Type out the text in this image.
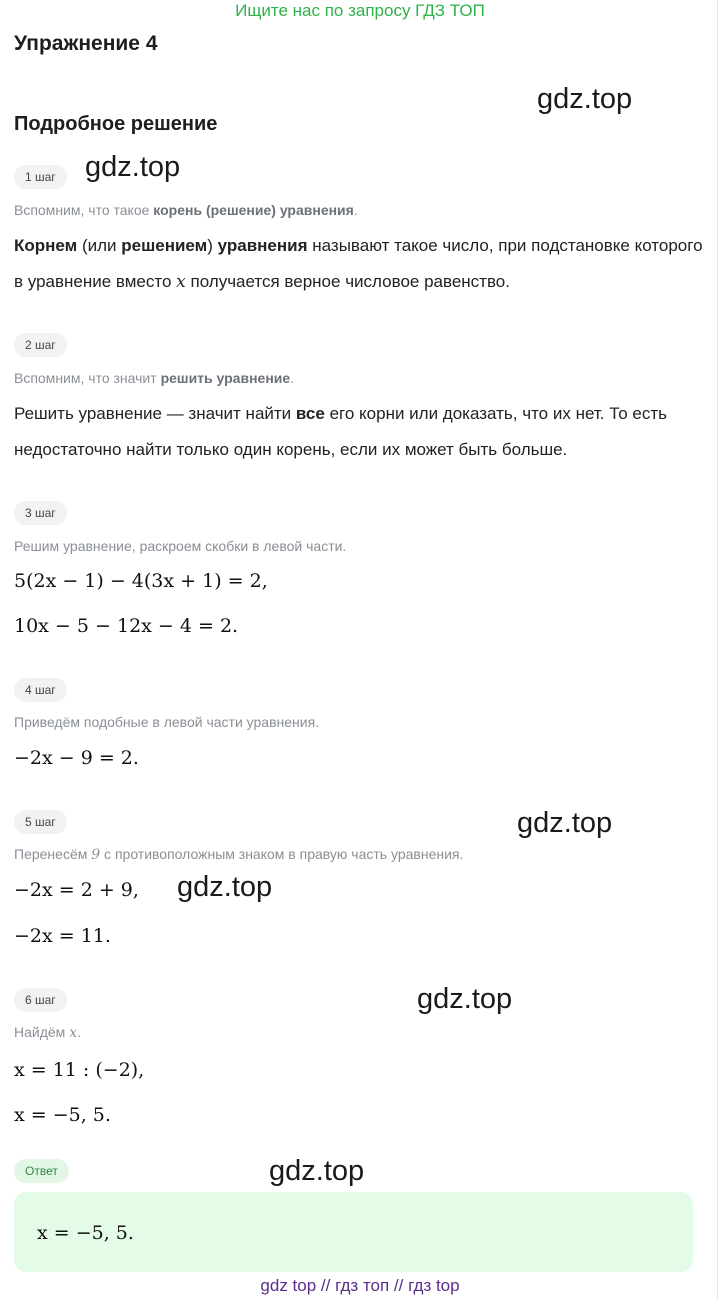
Ищите нас по запросу ГДЗ ТОП
Упражнение 4
Подробное решение
gdz.top
gdz.top
gdz.top
gdz.top
gdz.top
gdz.top
1 шаг
Вспомним, что такое корень (решение) уравнения.
Корнем (или решением) уравнения называют такое число, при подстановке которого в уравнение вместо x получается верное числовое равенство.
2 шаг
Вспомним, что значит решить уравнение.
Решить уравнение — значит найти все его корни или доказать, что их нет. То есть недостаточно найти только один корень, если их может быть больше.
3 шаг
Решим уравнение, раскроем скобки в левой части.
5(2x − 1) − 4(3x + 1) = 2,
10x − 5 − 12x − 4 = 2.
4 шаг
Приведём подобные в левой части уравнения.
−2x − 9 = 2.
5 шаг
Перенесём 9 с противоположным знаком в правую часть уравнения.
−2x = 2 + 9,
−2x = 11.
6 шаг
Найдём x.
x = 11 : (−2),
x = −5, 5.
Ответ
x = −5, 5.
gdz top // гдз топ // гдз top
